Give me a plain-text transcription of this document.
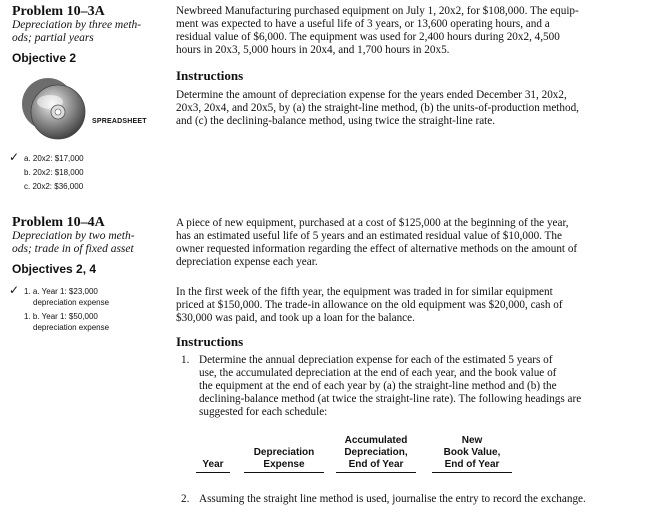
Problem 10–3A
Depreciation by three meth-
ods; partial years
Objective 2
SPREADSHEET
✓ a. 20x2: $17,000
b. 20x2: $18,000
c. 20x2: $36,000
Newbreed Manufacturing purchased equipment on July 1, 20x2, for $108,000. The equip-
ment was expected to have a useful life of 3 years, or 13,600 operating hours, and a
residual value of $6,000. The equipment was used for 2,400 hours during 20x2, 4,500
hours in 20x3, 5,000 hours in 20x4, and 1,700 hours in 20x5.
Instructions
Determine the amount of depreciation expense for the years ended December 31, 20x2,
20x3, 20x4, and 20x5, by (a) the straight-line method, (b) the units-of-production method,
and (c) the declining-balance method, using twice the straight-line rate.
Problem 10–4A
Depreciation by two meth-
ods; trade in of fixed asset
Objectives 2, 4
✓ 1. a. Year 1: $23,000
depreciation expense
1. b. Year 1: $50,000
depreciation expense
A piece of new equipment, purchased at a cost of $125,000 at the beginning of the year,
has an estimated useful life of 5 years and an estimated residual value of $10,000. The
owner requested information regarding the effect of alternative methods on the amount of
depreciation expense each year.
In the first week of the fifth year, the equipment was traded in for similar equipment
priced at $150,000. The trade-in allowance on the old equipment was $20,000, cash of
$30,000 was paid, and took up a loan for the balance.
Instructions
1. Determine the annual depreciation expense for each of the estimated 5 years of
use, the accumulated depreciation at the end of each year, and the book value of
the equipment at the end of each year by (a) the straight-line method and (b) the
declining-balance method (at twice the straight-line rate). The following headings are
suggested for each schedule:

Year

Depreciation
Expense
Accumulated
Depreciation,
End of Year
New
Book Value,
End of Year
2. Assuming the straight line method is used, journalise the entry to record the exchange.
